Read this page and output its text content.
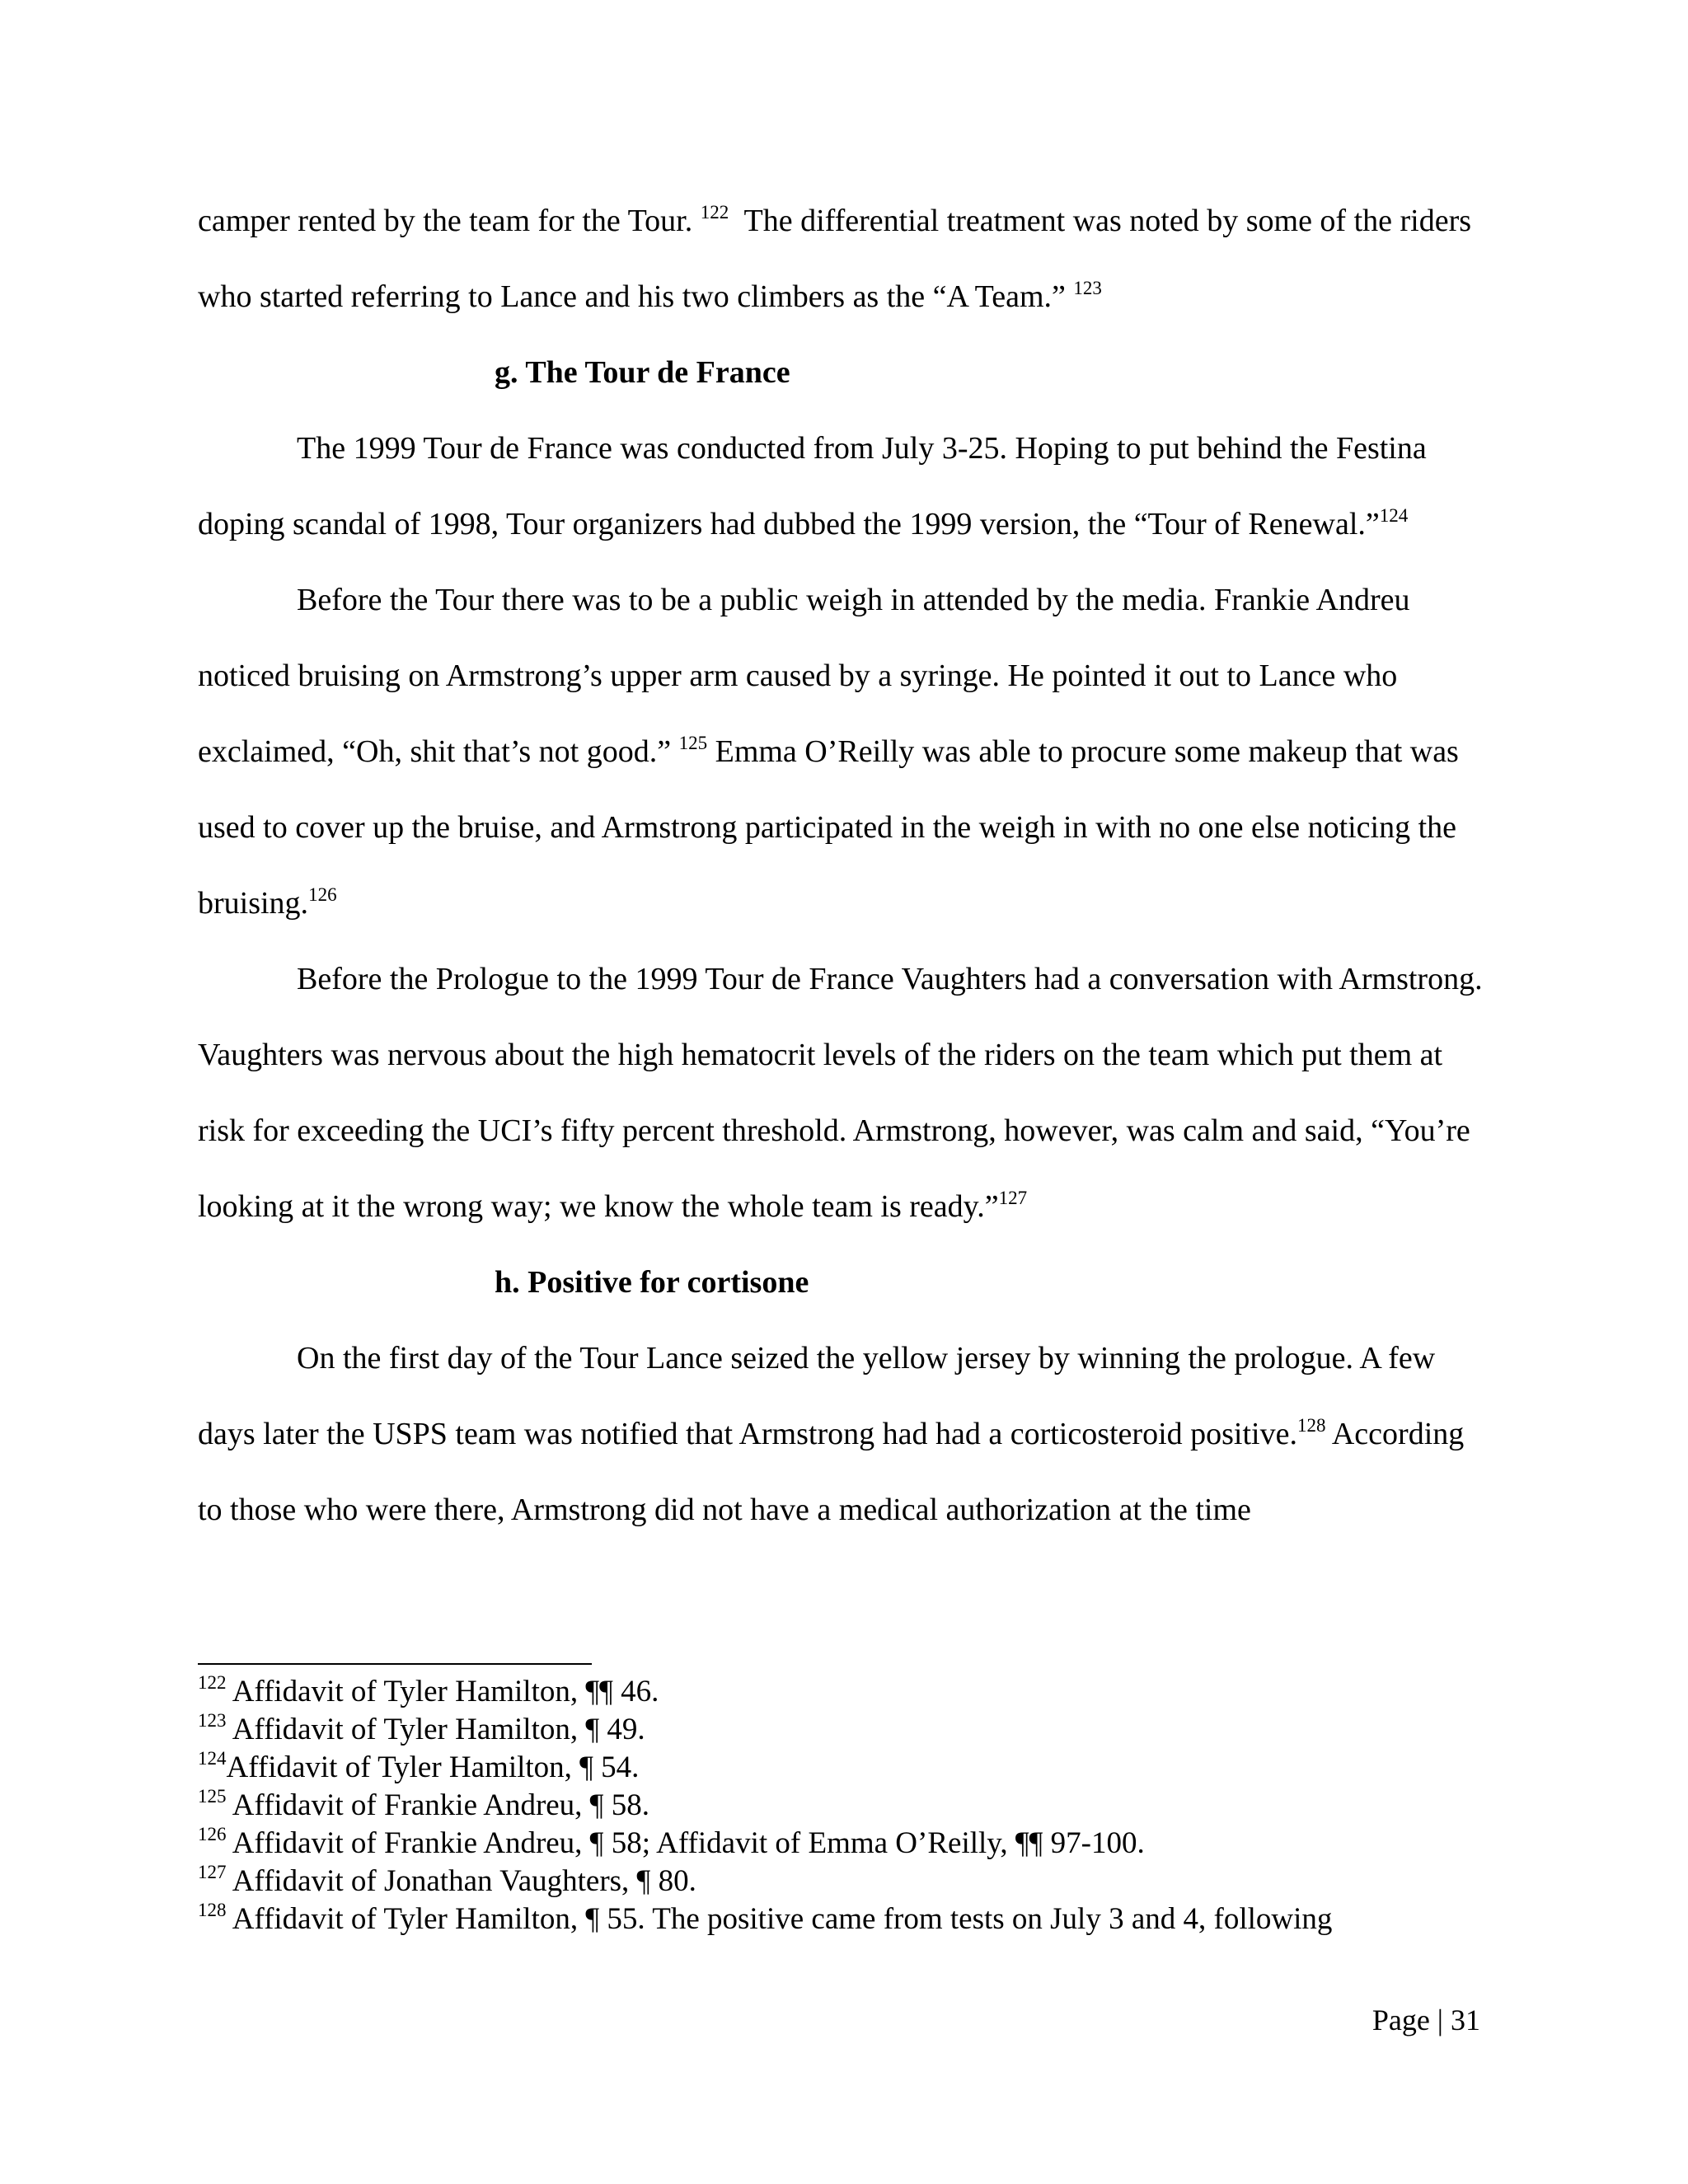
camper rented by the team for the Tour. $^{122}$ The differential treatment was noted by some of the riders who started referring to Lance and his two climbers as the “A Team.” $^{123}$

g. The Tour de France

The 1999 Tour de France was conducted from July 3-25. Hoping to put behind the Festina doping scandal of 1998, Tour organizers had dubbed the 1999 version, the “Tour of Renewal.”$^{124}$

Before the Tour there was to be a public weigh in attended by the media. Frankie Andreu noticed bruising on Armstrong’s upper arm caused by a syringe. He pointed it out to Lance who exclaimed, “Oh, shit that’s not good.” $^{125}$ Emma O’Reilly was able to procure some makeup that was used to cover up the bruise, and Armstrong participated in the weigh in with no one else noticing the bruising.$^{126}$

Before the Prologue to the 1999 Tour de France Vaughters had a conversation with Armstrong. Vaughters was nervous about the high hematocrit levels of the riders on the team which put them at risk for exceeding the UCI’s fifty percent threshold. Armstrong, however, was calm and said, “You’re looking at it the wrong way; we know the whole team is ready.”$^{127}$

h. Positive for cortisone

On the first day of the Tour Lance seized the yellow jersey by winning the prologue. A few days later the USPS team was notified that Armstrong had had a corticosteroid positive.$^{128}$ According to those who were there, Armstrong did not have a medical authorization at the time

$^{122}$ Affidavit of Tyler Hamilton, ¶¶ 46.

$^{123}$ Affidavit of Tyler Hamilton, ¶ 49.

$^{124}$Affidavit of Tyler Hamilton, ¶ 54.

$^{125}$ Affidavit of Frankie Andreu, ¶ 58.

$^{126}$ Affidavit of Frankie Andreu, ¶ 58; Affidavit of Emma O’Reilly, ¶¶ 97-100.

$^{127}$ Affidavit of Jonathan Vaughters, ¶ 80.

$^{128}$ Affidavit of Tyler Hamilton, ¶ 55. The positive came from tests on July 3 and 4, following

Page | 31
